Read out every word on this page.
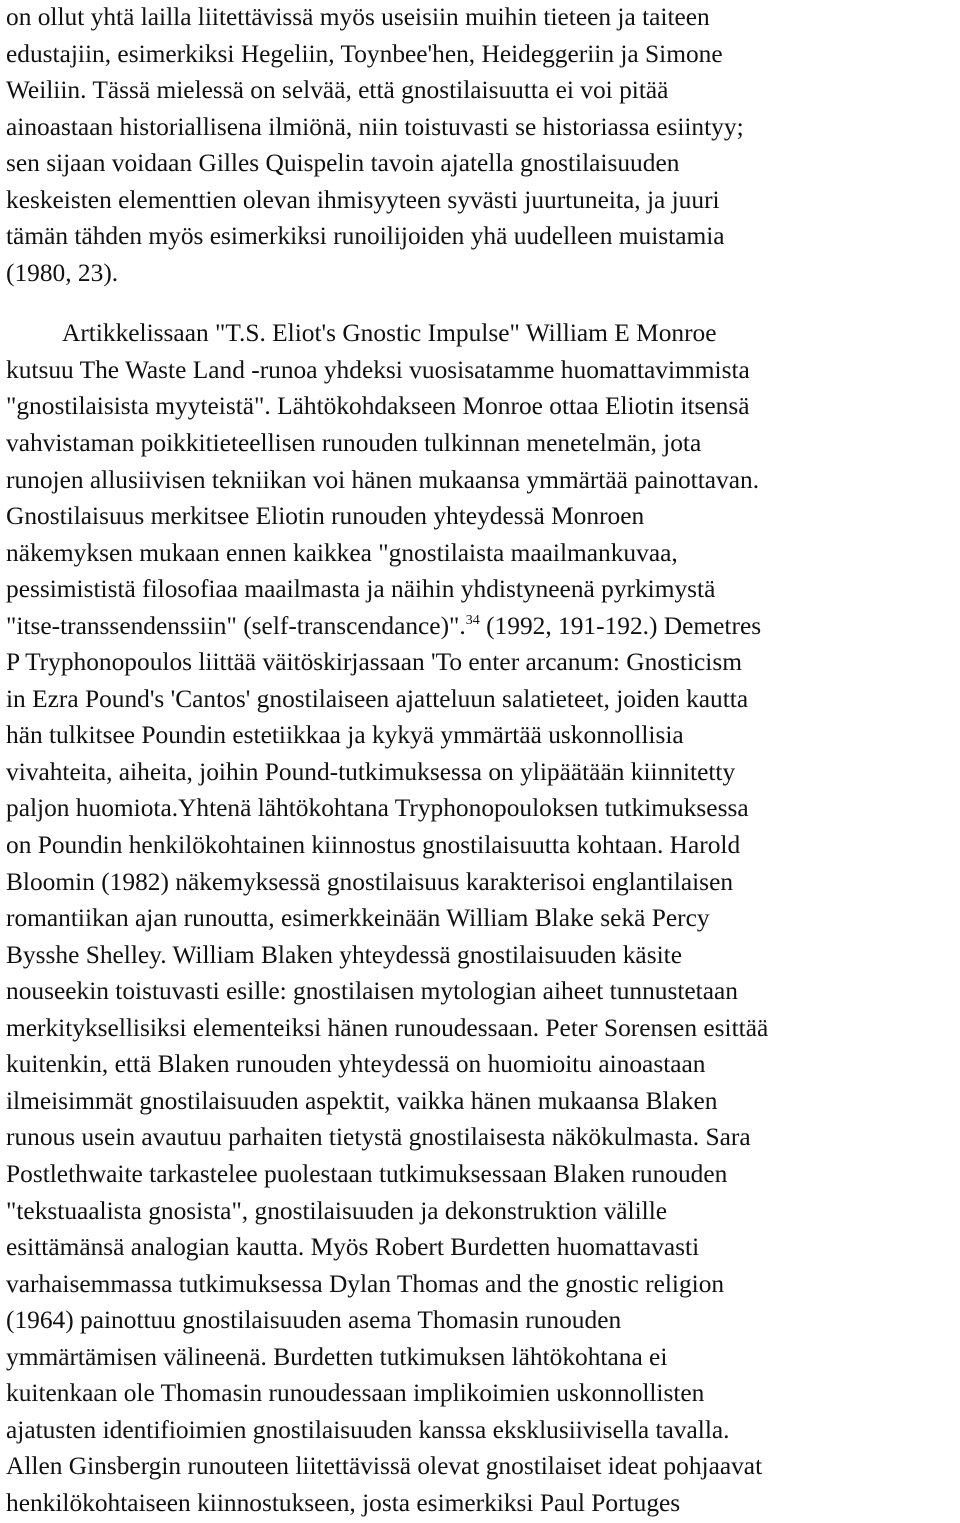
on ollut yhtä lailla liitettävissä myös useisiin muihin tieteen ja taiteen
edustajiin, esimerkiksi Hegeliin, Toynbee'hen, Heideggeriin ja Simone
Weiliin. Tässä mielessä on selvää, että gnostilaisuutta ei voi pitää
ainoastaan historiallisena ilmiönä, niin toistuvasti se historiassa esiintyy;
sen sijaan voidaan Gilles Quispelin tavoin ajatella gnostilaisuuden
keskeisten elementtien olevan ihmisyyteen syvästi juurtuneita, ja juuri
tämän tähden myös esimerkiksi runoilijoiden yhä uudelleen muistamia
(1980, 23).
Artikkelissaan "T.S. Eliot's Gnostic Impulse" William E Monroe
kutsuu The Waste Land -runoa yhdeksi vuosisatamme huomattavimmista
"gnostilaisista myyteistä". Lähtökohdakseen Monroe ottaa Eliotin itsensä
vahvistaman poikkitieteellisen runouden tulkinnan menetelmän, jota
runojen allusiivisen tekniikan voi hänen mukaansa ymmärtää painottavan.
Gnostilaisuus merkitsee Eliotin runouden yhteydessä Monroen
näkemyksen mukaan ennen kaikkea "gnostilaista maailmankuvaa,
pessimististä filosofiaa maailmasta ja näihin yhdistyneenä pyrkimystä
"itse-transsendenssiin" (self-transcendance)".$^{34}$ (1992, 191-192.) Demetres
P Tryphonopoulos liittää väitöskirjassaan 'To enter arcanum: Gnosticism
in Ezra Pound's 'Cantos' gnostilaiseen ajatteluun salatieteet, joiden kautta
hän tulkitsee Poundin estetiikkaa ja kykyä ymmärtää uskonnollisia
vivahteita, aiheita, joihin Pound-tutkimuksessa on ylipäätään kiinnitetty
paljon huomiota.Yhtenä lähtökohtana Tryphonopouloksen tutkimuksessa
on Poundin henkilökohtainen kiinnostus gnostilaisuutta kohtaan. Harold
Bloomin (1982) näkemyksessä gnostilaisuus karakterisoi englantilaisen
romantiikan ajan runoutta, esimerkkeinään William Blake sekä Percy
Bysshe Shelley. William Blaken yhteydessä gnostilaisuuden käsite
nouseekin toistuvasti esille: gnostilaisen mytologian aiheet tunnustetaan
merkityksellisiksi elementeiksi hänen runoudessaan. Peter Sorensen esittää
kuitenkin, että Blaken runouden yhteydessä on huomioitu ainoastaan
ilmeisimmät gnostilaisuuden aspektit, vaikka hänen mukaansa Blaken
runous usein avautuu parhaiten tietystä gnostilaisesta näkökulmasta. Sara
Postlethwaite tarkastelee puolestaan tutkimuksessaan Blaken runouden
"tekstuaalista gnosista", gnostilaisuuden ja dekonstruktion välille
esittämänsä analogian kautta. Myös Robert Burdetten huomattavasti
varhaisemmassa tutkimuksessa Dylan Thomas and the gnostic religion
(1964) painottuu gnostilaisuuden asema Thomasin runouden
ymmärtämisen välineenä. Burdetten tutkimuksen lähtökohtana ei
kuitenkaan ole Thomasin runoudessaan implikoimien uskonnollisten
ajatusten identifioimien gnostilaisuuden kanssa eksklusiivisella tavalla.
Allen Ginsbergin runouteen liitettävissä olevat gnostilaiset ideat pohjaavat
henkilökohtaiseen kiinnostukseen, josta esimerkiksi Paul Portuges
